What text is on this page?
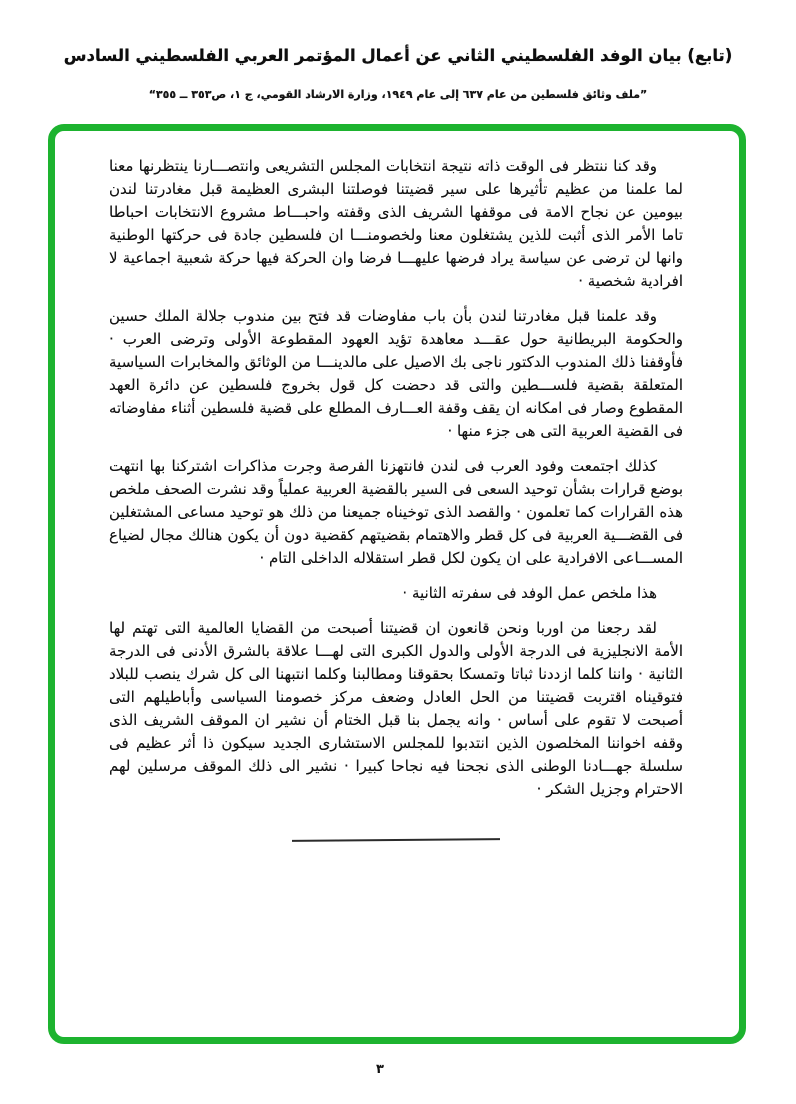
(تابع) بيان الوفد الفلسطيني الثاني عن أعمال المؤتمر العربي الفلسطيني السادس
”ملف وثائق فلسطين من عام ٦٣٧ إلى عام ١٩٤٩، وزارة الارشاد القومي، ج ١، ص٣٥٣ ــ ٣٥٥“

وقد كنا ننتظر فى الوقت ذاته نتيجة انتخابات المجلس التشريعى وانتصـــارنا ينتظرنها معنا لما علمنا من عظيم تأثيرها على سير قضيتنا فوصلتنا البشرى العظيمة قبل مغادرتنا لندن بيومين عن نجاح الامة فى موقفها الشريف الذى وقفته واحبـــاط مشروع الانتخابات احباطا تاما الأمر الذى أثبت للذين يشتغلون معنا ولخصومنـــا ان فلسطين جادة فى حركتها الوطنية وانها لن ترضى عن سياسة يراد فرضها عليهـــا فرضا وان الحركة فيها حركة شعبية اجماعية لا افرادية شخصية ·

وقد علمنا قبل مغادرتنا لندن بأن باب مفاوضات قد فتح بين مندوب جلالة الملك حسين والحكومة البريطانية حول عقـــد معاهدة تؤيد العهود المقطوعة الأولى وترضى العرب · فأوقفنا ذلك المندوب الدكتور ناجى بك الاصيل على مالدينـــا من الوثائق والمخابرات السياسية المتعلقة بقضية فلســـطين والتى قد دحضت كل قول بخروج فلسطين عن دائرة العهد المقطوع وصار فى امكانه ان يقف وقفة العـــارف المطلع على قضية فلسطين أثناء مفاوضاته فى القضية العربية التى هى جزء منها ·

كذلك اجتمعت وفود العرب فى لندن فانتهزنا الفرصة وجرت مذاكرات اشتركنا بها انتهت بوضع قرارات بشأن توحيد السعى فى السير بالقضية العربية عملياً وقد نشرت الصحف ملخص هذه القرارات كما تعلمون · والقصد الذى توخيناه جميعنا من ذلك هو توحيد مساعى المشتغلين فى القضـــية العربية فى كل قطر والاهتمام بقضيتهم كقضية دون أن يكون هنالك مجال لضياع المســـاعى الافرادية على ان يكون لكل قطر استقلاله الداخلى التام ·

هذا ملخص عمل الوفد فى سفرته الثانية ·

لقد رجعنا من اوربا ونحن قانعون ان قضيتنا أصبحت من القضايا العالمية التى تهتم لها الأمة الانجليزية فى الدرجة الأولى والدول الكبرى التى لهـــا علاقة بالشرق الأدنى فى الدرجة الثانية · واننا كلما ازددنا ثباتا وتمسكا بحقوقنا ومطالبنا وكلما انتبهنا الى كل شرك ينصب للبلاد فتوقيناه اقتربت قضيتنا من الحل العادل وضعف مركز خصومنا السياسى وأباطيلهم التى أصبحت لا تقوم على أساس · وانه يجمل بنا قبل الختام أن نشير ان الموقف الشريف الذى وقفه اخواننا المخلصون الذين انتدبوا للمجلس الاستشارى الجديد سيكون ذا أثر عظيم فى سلسلة جهـــادنا الوطنى الذى نجحنا فيه نجاحا كبيرا · نشير الى ذلك الموقف مرسلين لهم الاحترام وجزيل الشكر ·

٣
